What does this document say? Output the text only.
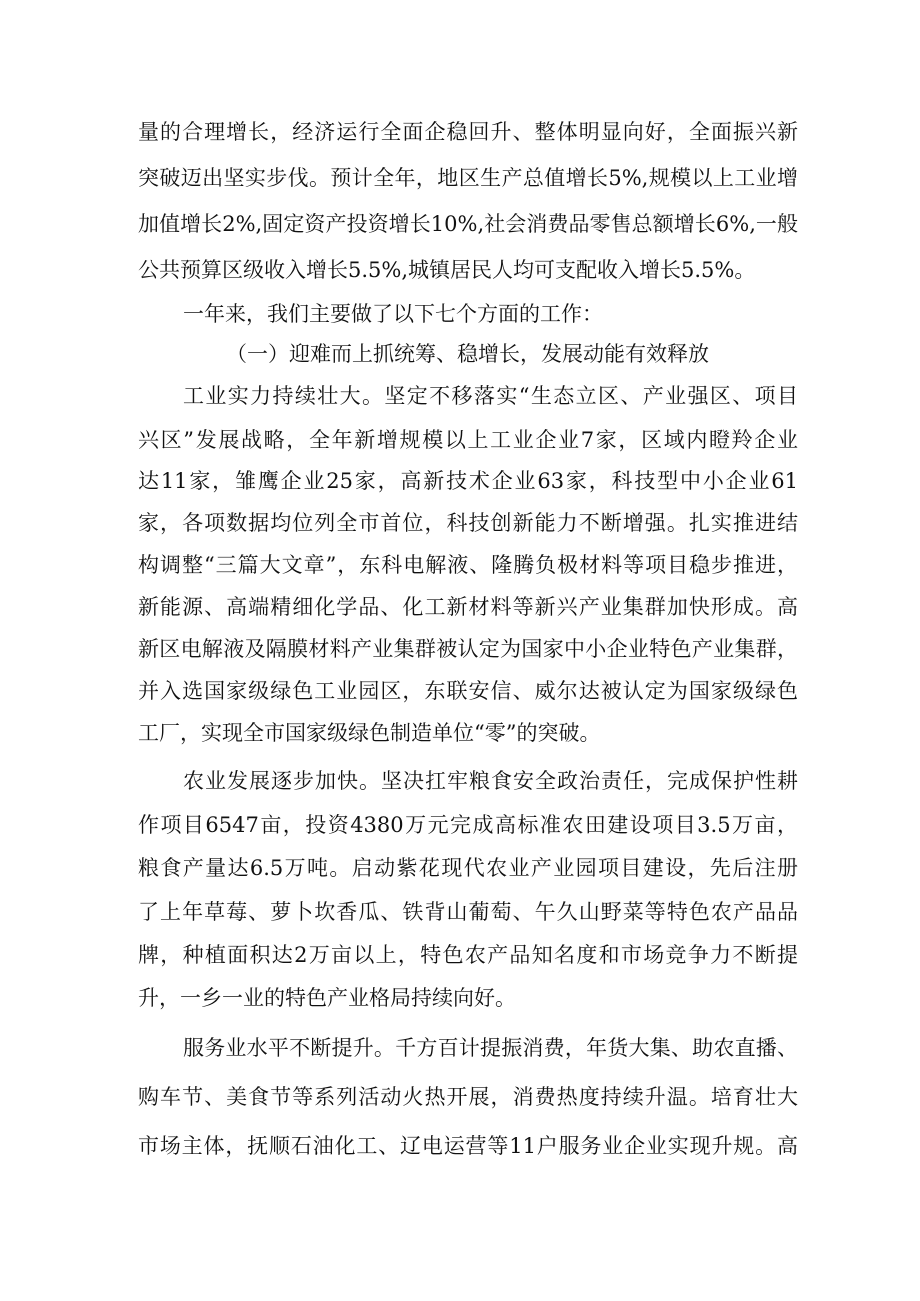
量的合理增长，经济运行全面企稳回升、整体明显向好，全面振兴新
突破迈出坚实步伐。预计全年，地区生产总值增长5%,规模以上工业增
加值增长2%,固定资产投资增长10%,社会消费品零售总额增长6%,一般
公共预算区级收入增长5.5%,城镇居民人均可支配收入增长5.5%。
一年来，我们主要做了以下七个方面的工作：
（一）迎难而上抓统筹、稳增长，发展动能有效释放
工业实力持续壮大。坚定不移落实“生态立区、产业强区、项目
兴区”发展战略，全年新增规模以上工业企业7家，区域内瞪羚企业
达11家，雏鹰企业25家，高新技术企业63家，科技型中小企业61
家，各项数据均位列全市首位，科技创新能力不断增强。扎实推进结
构调整“三篇大文章”，东科电解液、隆腾负极材料等项目稳步推进，
新能源、高端精细化学品、化工新材料等新兴产业集群加快形成。高
新区电解液及隔膜材料产业集群被认定为国家中小企业特色产业集群，
并入选国家级绿色工业园区，东联安信、威尔达被认定为国家级绿色
工厂，实现全市国家级绿色制造单位“零”的突破。
农业发展逐步加快。坚决扛牢粮食安全政治责任，完成保护性耕
作项目6547亩，投资4380万元完成高标准农田建设项目3.5万亩，
粮食产量达6.5万吨。启动紫花现代农业产业园项目建设，先后注册
了上年草莓、萝卜坎香瓜、铁背山葡萄、午久山野菜等特色农产品品
牌，种植面积达2万亩以上，特色农产品知名度和市场竞争力不断提
升，一乡一业的特色产业格局持续向好。
服务业水平不断提升。千方百计提振消费，年货大集、助农直播、
购车节、美食节等系列活动火热开展，消费热度持续升温。培育壮大
市场主体，抚顺石油化工、辽电运营等11户服务业企业实现升规。高
